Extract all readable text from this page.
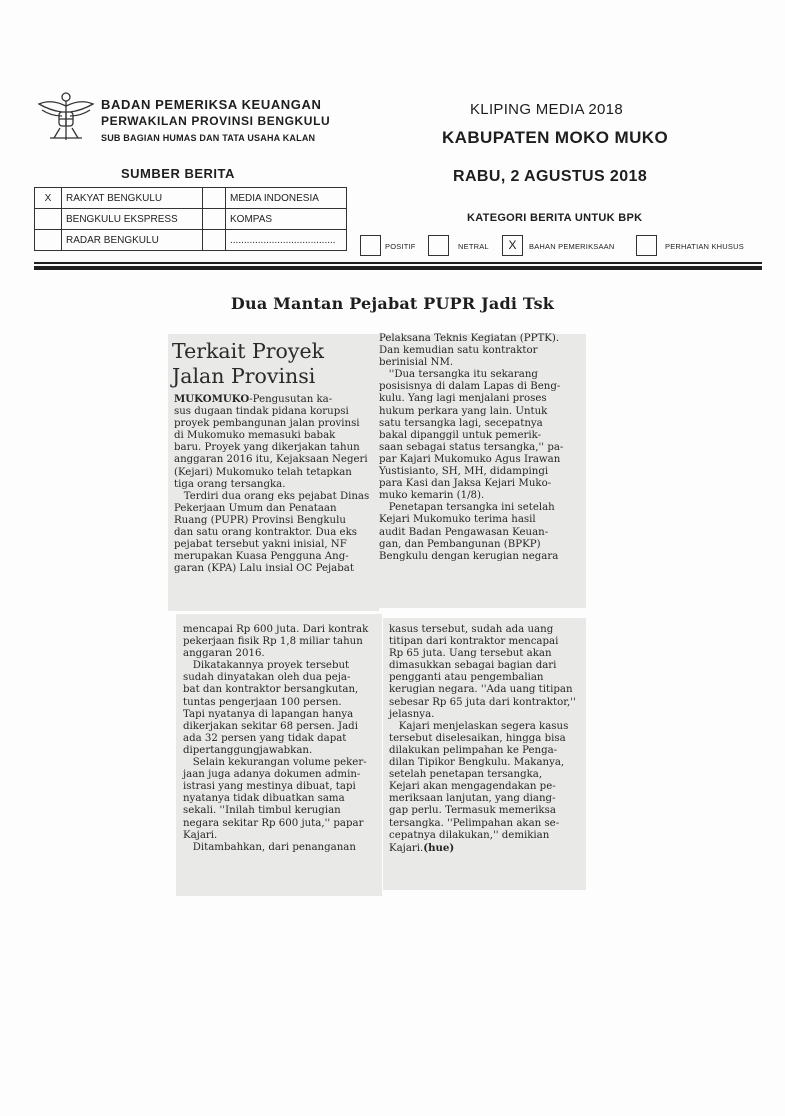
BADAN PEMERIKSA KEUANGAN
PERWAKILAN PROVINSI BENGKULU
SUB BAGIAN HUMAS DAN TATA USAHA KALAN
KLIPING MEDIA 2018
KABUPATEN MOKO MUKO
RABU, 2 AGUSTUS 2018
SUMBER BERITA
X	RAKYAT BENGKULU		MEDIA INDONESIA
	BENGKULU EKSPRESS		KOMPAS
	RADAR BENGKULU		......................................
KATEGORI BERITA UNTUK BPK
POSITIF	NETRAL	X	BAHAN PEMERIKSAAN	PERHATIAN KHUSUS
Dua Mantan Pejabat PUPR Jadi Tsk
Terkait Proyek
Jalan Provinsi

MUKOMUKO-Pengusutan ka-
sus dugaan tindak pidana korupsi
proyek pembangunan jalan provinsi
di Mukomuko memasuki babak
baru. Proyek yang dikerjakan tahun
anggaran 2016 itu, Kejaksaan Negeri
(Kejari) Mukomuko telah tetapkan
tiga orang tersangka.
Terdiri dua orang eks pejabat Dinas
Pekerjaan Umum dan Penataan
Ruang (PUPR) Provinsi Bengkulu
dan satu orang kontraktor. Dua eks
pejabat tersebut yakni inisial, NF
merupakan Kuasa Pengguna Ang-
garan (KPA) Lalu insial OC Pejabat

Pelaksana Teknis Kegiatan (PPTK).
Dan kemudian satu kontraktor
berinisial NM.
''Dua tersangka itu sekarang
posisisnya di dalam Lapas di Beng-
kulu. Yang lagi menjalani proses
hukum perkara yang lain. Untuk
satu tersangka lagi, secepatnya
bakal dipanggil untuk pemerik-
saan sebagai status tersangka,'' pa-
par Kajari Mukomuko Agus Irawan
Yustisianto, SH, MH, didampingi
para Kasi dan Jaksa Kejari Muko-
muko kemarin (1/8).
Penetapan tersangka ini setelah
Kejari Mukomuko terima hasil
audit Badan Pengawasan Keuan-
gan, dan Pembangunan (BPKP)
Bengkulu dengan kerugian negara

mencapai Rp 600 juta. Dari kontrak
pekerjaan fisik Rp 1,8 miliar tahun
anggaran 2016.
Dikatakannya proyek tersebut
sudah dinyatakan oleh dua peja-
bat dan kontraktor bersangkutan,
tuntas pengerjaan 100 persen.
Tapi nyatanya di lapangan hanya
dikerjakan sekitar 68 persen. Jadi
ada 32 persen yang tidak dapat
dipertanggungjawabkan.
Selain kekurangan volume peker-
jaan juga adanya dokumen admin-
istrasi yang mestinya dibuat, tapi
nyatanya tidak dibuatkan sama
sekali. ''Inilah timbul kerugian
negara sekitar Rp 600 juta,'' papar
Kajari.
Ditambahkan, dari penanganan

kasus tersebut, sudah ada uang
titipan dari kontraktor mencapai
Rp 65 juta. Uang tersebut akan
dimasukkan sebagai bagian dari
pengganti atau pengembalian
kerugian negara. ''Ada uang titipan
sebesar Rp 65 juta dari kontraktor,''
jelasnya.
Kajari menjelaskan segera kasus
tersebut diselesaikan, hingga bisa
dilakukan pelimpahan ke Penga-
dilan Tipikor Bengkulu. Makanya,
setelah penetapan tersangka,
Kejari akan mengagendakan pe-
meriksaan lanjutan, yang diang-
gap perlu. Termasuk memeriksa
tersangka. ''Pelimpahan akan se-
cepatnya dilakukan,'' demikian
Kajari.(hue)
